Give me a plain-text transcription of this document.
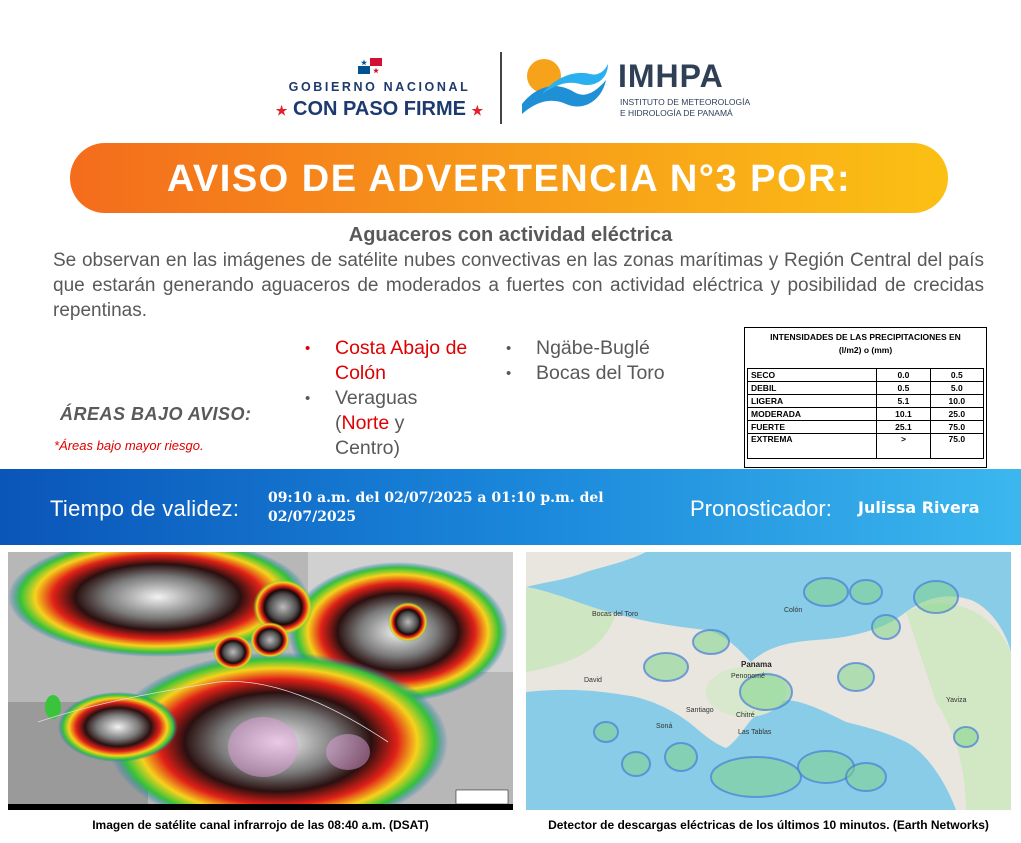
GOBIERNO NACIONAL
★ CON PASO FIRME ★
IMHPA
INSTITUTO DE METEOROLOGÍA
E HIDROLOGÍA DE PANAMÁ
AVISO DE ADVERTENCIA N°3 POR:
Aguaceros con actividad eléctrica
Se observan en las imágenes de satélite nubes convectivas en las zonas marítimas y Región Central del país que estarán generando aguaceros de moderados a fuertes con actividad eléctrica y posibilidad de crecidas repentinas.
ÁREAS BAJO AVISO:
*Áreas bajo mayor riesgo.
• Costa Abajo de
Colón
• Veraguas
(Norte y
Centro)
• Ngäbe-Buglé
• Bocas del Toro
INTENSIDADES DE LAS PRECIPITACIONES EN
(l/m2) o (mm)
SECO	0.0	0.5
DEBIL	0.5	5.0
LIGERA	5.1	10.0
MODERADA	10.1	25.0
FUERTE	25.1	75.0
EXTREMA	>	75.0
Tiempo de validez: 09:10 a.m. del 02/07/2025 a 01:10 p.m. del
02/07/2025	Pronosticador: Julissa Rivera
Imagen de satélite canal infrarrojo de las 08:40 a.m. (DSAT)
Bocas del Toro
Panama
Colón
Santiago
David
Chitré
Las Tablas
Penonomé
Soná
Yaviza
Detector de descargas eléctricas de los últimos 10 minutos. (Earth Networks)
